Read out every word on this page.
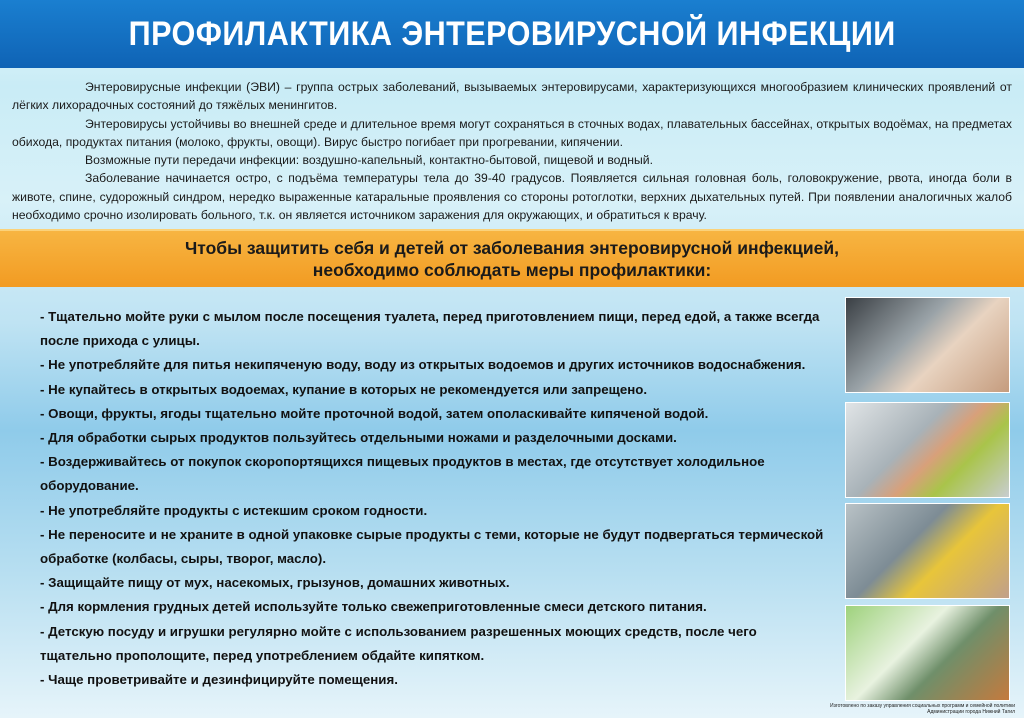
ПРОФИЛАКТИКА ЭНТЕРОВИРУСНОЙ ИНФЕКЦИИ

Энтеровирусные инфекции (ЭВИ) – группа острых заболеваний, вызываемых энтеровирусами, характеризующихся многообразием клинических проявлений от лёгких лихорадочных состояний до тяжёлых менингитов.

Энтеровирусы устойчивы во внешней среде и длительное время могут сохраняться в сточных водах, плавательных бассейнах, открытых водоёмах, на предметах обихода, продуктах питания (молоко, фрукты, овощи). Вирус быстро погибает при прогревании, кипячении.

Возможные пути передачи инфекции: воздушно-капельный, контактно-бытовой, пищевой и водный.

Заболевание начинается остро, с подъёма температуры тела до 39-40 градусов. Появляется сильная головная боль, головокружение, рвота, иногда боли в животе, спине, судорожный синдром, нередко выраженные катаральные проявления со стороны ротоглотки, верхних дыхательных путей. При появлении аналогичных жалоб необходимо срочно изолировать больного, т.к. он является источником заражения для окружающих, и обратиться к врачу.

Чтобы защитить себя и детей от заболевания энтеровирусной инфекцией,
необходимо соблюдать меры профилактики:
- Тщательно мойте руки с мылом после посещения туалета, перед приготовлением пищи, перед едой, а также всегда после прихода с улицы.
- Не употребляйте для питья некипяченую воду, воду из открытых водоемов и других источников водоснабжения.
- Не купайтесь в открытых водоемах, купание в которых не рекомендуется или запрещено.
- Овощи, фрукты, ягоды тщательно мойте проточной водой, затем ополаскивайте кипяченой водой.
- Для обработки сырых продуктов пользуйтесь отдельными ножами и разделочными досками.
- Воздерживайтесь от покупок скоропортящихся пищевых продуктов в местах, где отсутствует холодильное оборудование.
- Не употребляйте продукты с истекшим сроком годности.
- Не переносите и не храните в одной упаковке сырые продукты с теми, которые не будут подвергаться термической обработке (колбасы, сыры, творог, масло).
- Защищайте пищу от мух, насекомых, грызунов, домашних животных.
- Для кормления грудных детей используйте только свежеприготовленные смеси детского питания.
- Детскую посуду и игрушки регулярно мойте с использованием разрешенных моющих средств, после чего тщательно прополощите, перед употреблением обдайте кипятком.
- Чаще проветривайте и дезинфицируйте помещения.
Изготовлено по заказу управления социальных программ и семейной политики Администрации города Нижний Тагил
